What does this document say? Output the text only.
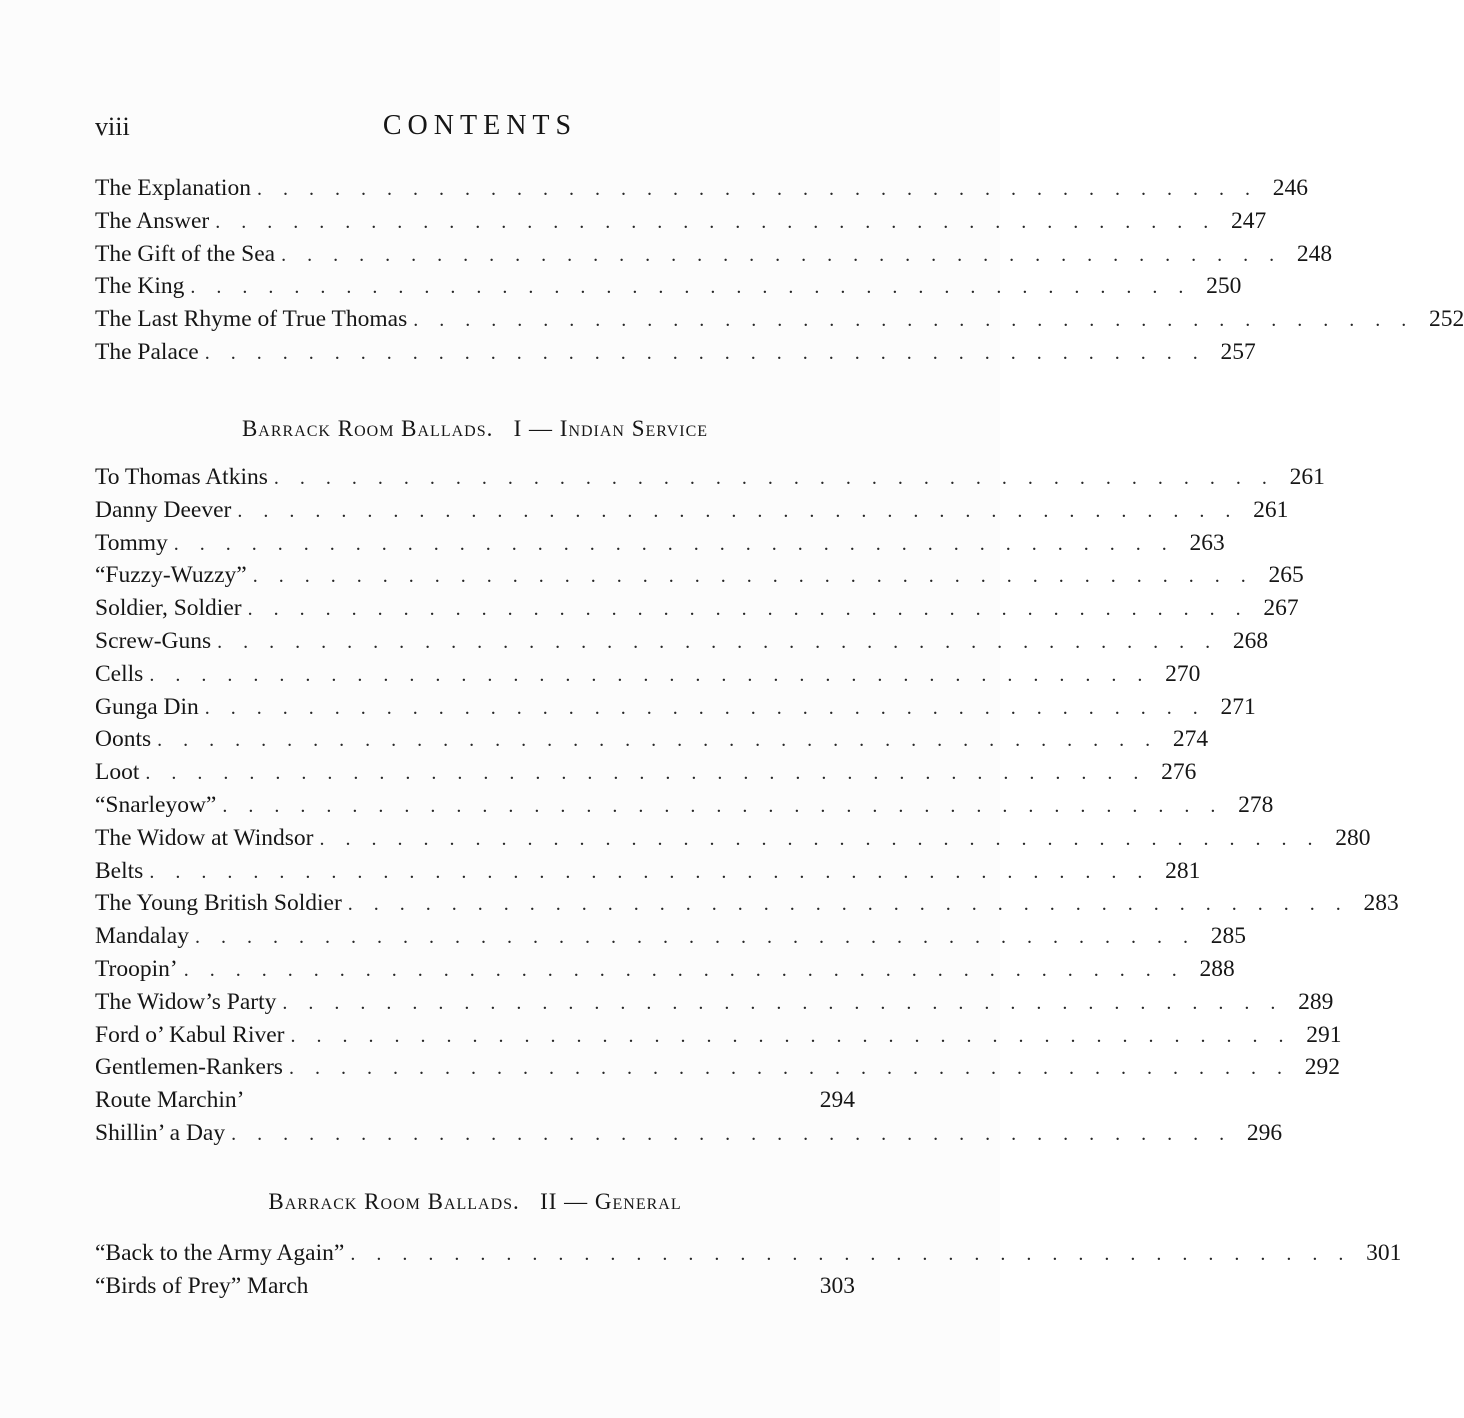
viii	CONTENTS
The Explanation . . . . . . . . . . . . . . . . . . . . . . . . . . . . . . . . . . . . . . . 246
The Answer . . . . . . . . . . . . . . . . . . . . . . . . . . . . . . . . . . . . . . . 247
The Gift of the Sea . . . . . . . . . . . . . . . . . . . . . . . . . . . . . . . . . . . . . . . 248
The King . . . . . . . . . . . . . . . . . . . . . . . . . . . . . . . . . . . . . . . 250
The Last Rhyme of True Thomas . . . . . . . . . . . . . . . . . . . . . . . . . . . . . . . . . . . . . . . 252
The Palace . . . . . . . . . . . . . . . . . . . . . . . . . . . . . . . . . . . . . . . 257
Barrack Room Ballads. I — Indian Service
To Thomas Atkins . . . . . . . . . . . . . . . . . . . . . . . . . . . . . . . . . . . . . . . 261
Danny Deever . . . . . . . . . . . . . . . . . . . . . . . . . . . . . . . . . . . . . . . 261
Tommy . . . . . . . . . . . . . . . . . . . . . . . . . . . . . . . . . . . . . . . 263
“Fuzzy-Wuzzy” . . . . . . . . . . . . . . . . . . . . . . . . . . . . . . . . . . . . . . . 265
Soldier, Soldier . . . . . . . . . . . . . . . . . . . . . . . . . . . . . . . . . . . . . . . 267
Screw-Guns . . . . . . . . . . . . . . . . . . . . . . . . . . . . . . . . . . . . . . . 268
Cells . . . . . . . . . . . . . . . . . . . . . . . . . . . . . . . . . . . . . . . 270
Gunga Din . . . . . . . . . . . . . . . . . . . . . . . . . . . . . . . . . . . . . . . 271
Oonts . . . . . . . . . . . . . . . . . . . . . . . . . . . . . . . . . . . . . . . 274
Loot . . . . . . . . . . . . . . . . . . . . . . . . . . . . . . . . . . . . . . . 276
“Snarleyow” . . . . . . . . . . . . . . . . . . . . . . . . . . . . . . . . . . . . . . . 278
The Widow at Windsor . . . . . . . . . . . . . . . . . . . . . . . . . . . . . . . . . . . . . . . 280
Belts . . . . . . . . . . . . . . . . . . . . . . . . . . . . . . . . . . . . . . . 281
The Young British Soldier . . . . . . . . . . . . . . . . . . . . . . . . . . . . . . . . . . . . . . . 283
Mandalay . . . . . . . . . . . . . . . . . . . . . . . . . . . . . . . . . . . . . . . 285
Troopin’ . . . . . . . . . . . . . . . . . . . . . . . . . . . . . . . . . . . . . . . 288
The Widow’s Party . . . . . . . . . . . . . . . . . . . . . . . . . . . . . . . . . . . . . . . 289
Ford o’ Kabul River . . . . . . . . . . . . . . . . . . . . . . . . . . . . . . . . . . . . . . . 291
Gentlemen-Rankers . . . . . . . . . . . . . . . . . . . . . . . . . . . . . . . . . . . . . . . 292
Route Marchin’	294
Shillin’ a Day . . . . . . . . . . . . . . . . . . . . . . . . . . . . . . . . . . . . . . . 296
Barrack Room Ballads. II — General
“Back to the Army Again” . . . . . . . . . . . . . . . . . . . . . . . . . . . . . . . . . . . . . . . 301
“Birds of Prey” March	303
